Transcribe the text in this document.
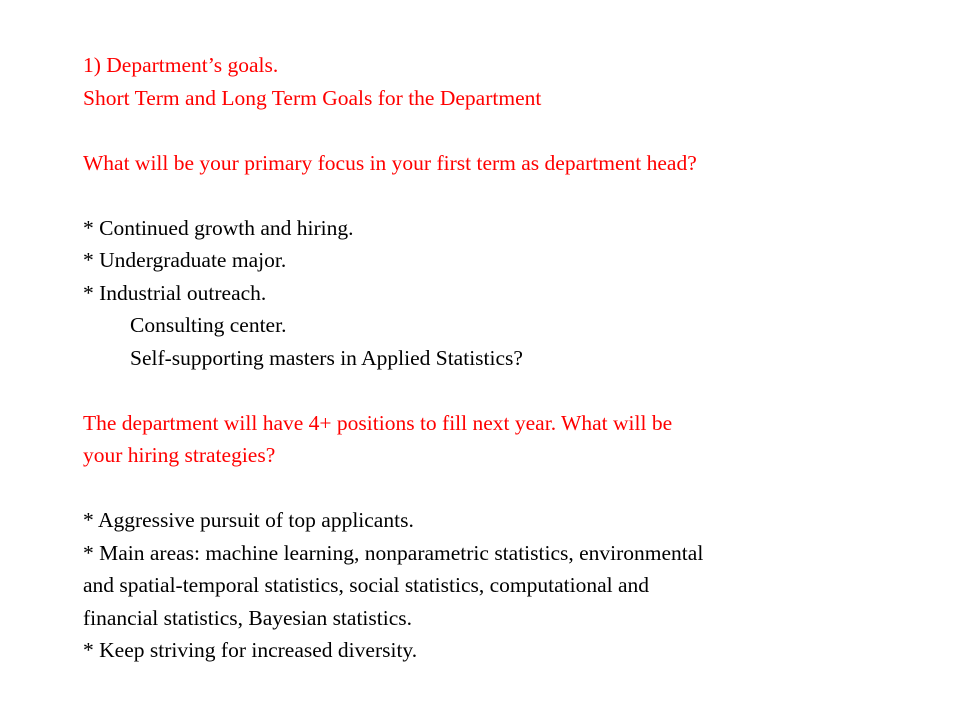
1) Department’s goals.
Short Term and Long Term Goals for the Department
What will be your primary focus in your first term as department head?
* Continued growth and hiring.
* Undergraduate major.
* Industrial outreach.
Consulting center.
Self-supporting masters in Applied Statistics?
The department will have 4+ positions to fill next year. What will be
your hiring strategies?
* Aggressive pursuit of top applicants.
* Main areas: machine learning, nonparametric statistics, environmental
and spatial-temporal statistics, social statistics, computational and
financial statistics, Bayesian statistics.
* Keep striving for increased diversity.
